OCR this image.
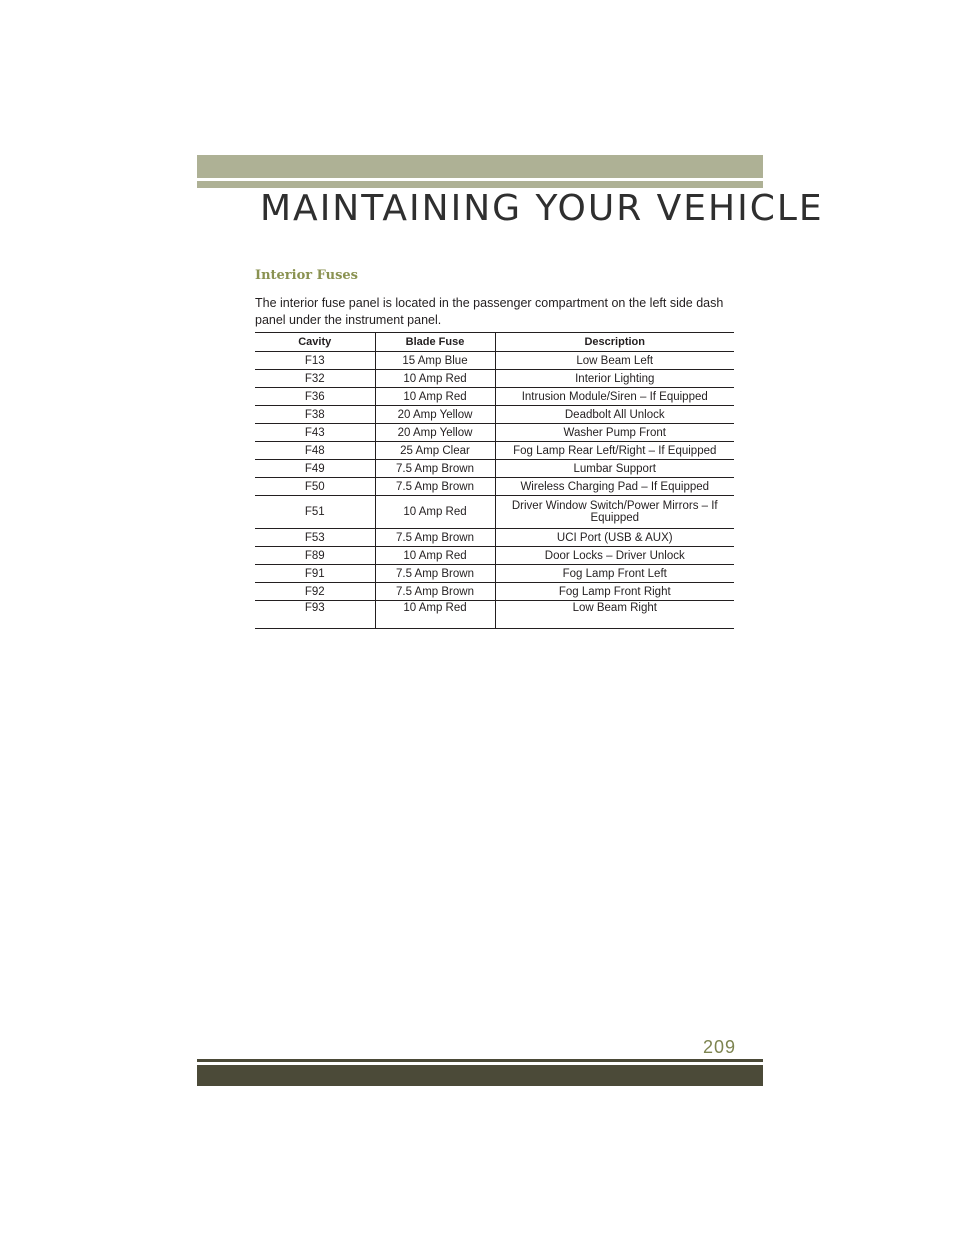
MAINTAINING YOUR VEHICLE
Interior Fuses

The interior fuse panel is located in the passenger compartment on the left side dash panel under the instrument panel.

Cavity	Blade Fuse	Description
F13	15 Amp Blue	Low Beam Left
F32	10 Amp Red	Interior Lighting
F36	10 Amp Red	Intrusion Module/Siren – If Equipped
F38	20 Amp Yellow	Deadbolt All Unlock
F43	20 Amp Yellow	Washer Pump Front
F48	25 Amp Clear	Fog Lamp Rear Left/Right – If Equipped
F49	7.5 Amp Brown	Lumbar Support
F50	7.5 Amp Brown	Wireless Charging Pad – If Equipped
F51	10 Amp Red	Driver Window Switch/Power Mirrors – If Equipped
F53	7.5 Amp Brown	UCI Port (USB & AUX)
F89	10 Amp Red	Door Locks – Driver Unlock
F91	7.5 Amp Brown	Fog Lamp Front Left
F92	7.5 Amp Brown	Fog Lamp Front Right
F93	10 Amp Red	Low Beam Right
209
